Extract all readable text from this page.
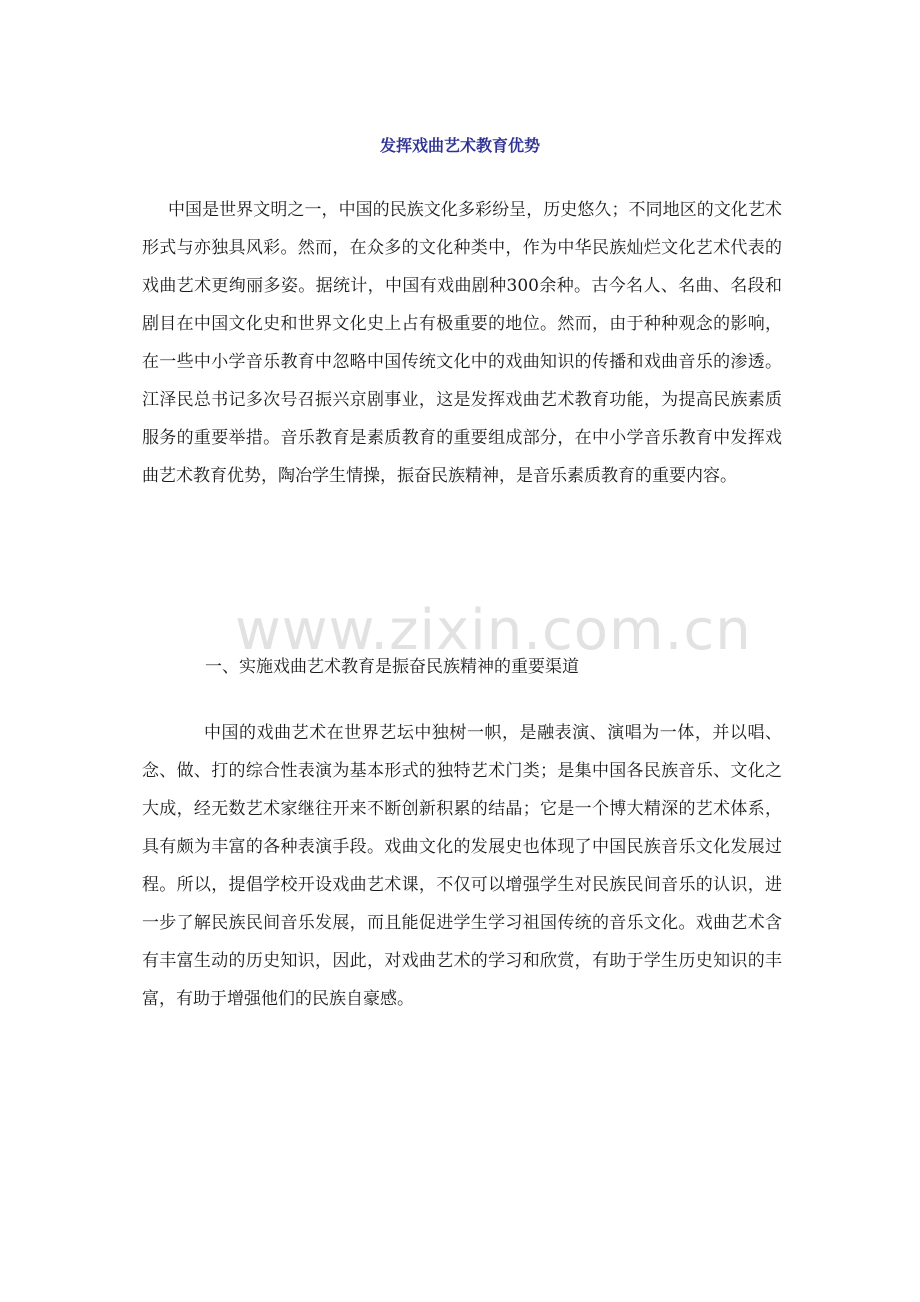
发挥戏曲艺术教育优势
中国是世界文明之一，中国的民族文化多彩纷呈，历史悠久；不同地区的文化艺术形式与亦独具风彩。然而，在众多的文化种类中，作为中华民族灿烂文化艺术代表的戏曲艺术更绚丽多姿。据统计，中国有戏曲剧种300余种。古今名人、名曲、名段和剧目在中国文化史和世界文化史上占有极重要的地位。然而，由于种种观念的影响，在一些中小学音乐教育中忽略中国传统文化中的戏曲知识的传播和戏曲音乐的渗透。江泽民总书记多次号召振兴京剧事业，这是发挥戏曲艺术教育功能，为提高民族素质服务的重要举措。音乐教育是素质教育的重要组成部分，在中小学音乐教育中发挥戏曲艺术教育优势，陶冶学生情操，振奋民族精神，是音乐素质教育的重要内容。
www.zixin.com.cn
一、实施戏曲艺术教育是振奋民族精神的重要渠道
中国的戏曲艺术在世界艺坛中独树一帜，是融表演、演唱为一体，并以唱、念、做、打的综合性表演为基本形式的独特艺术门类；是集中国各民族音乐、文化之大成，经无数艺术家继往开来不断创新积累的结晶；它是一个博大精深的艺术体系，具有颇为丰富的各种表演手段。戏曲文化的发展史也体现了中国民族音乐文化发展过程。所以，提倡学校开设戏曲艺术课，不仅可以增强学生对民族民间音乐的认识，进一步了解民族民间音乐发展，而且能促进学生学习祖国传统的音乐文化。戏曲艺术含有丰富生动的历史知识，因此，对戏曲艺术的学习和欣赏，有助于学生历史知识的丰富，有助于增强他们的民族自豪感。
